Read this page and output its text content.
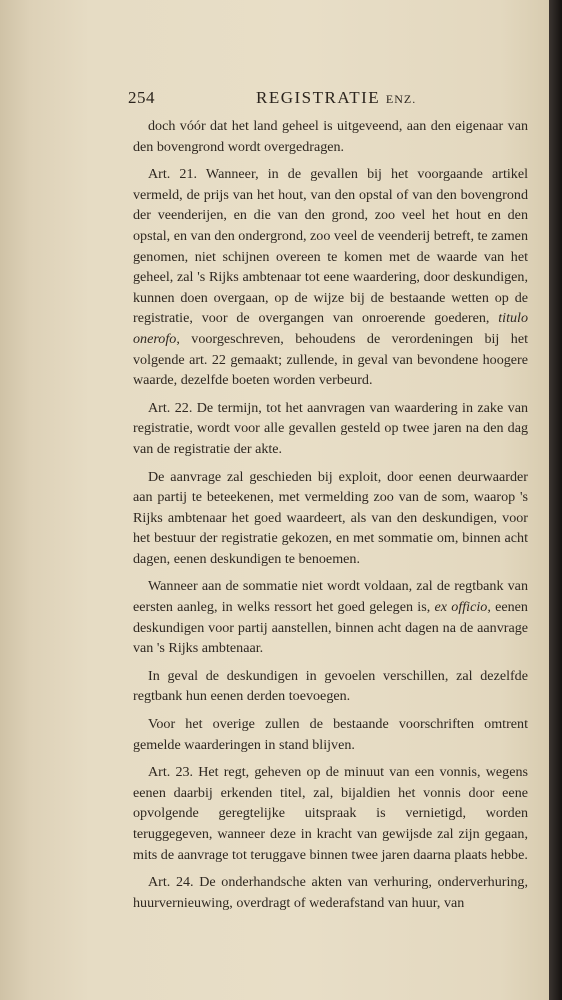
254	REGISTRATIE ENZ.

doch vóór dat het land geheel is uitgeveend, aan den eigenaar van den bovengrond wordt overgedragen.

Art. 21. Wanneer, in de gevallen bij het voorgaande artikel vermeld, de prijs van het hout, van den opstal of van den bovengrond der veenderijen, en die van den grond, zoo veel het hout en den opstal, en van den ondergrond, zoo veel de veenderij betreft, te zamen genomen, niet schijnen overeen te komen met de waarde van het geheel, zal 's Rijks ambtenaar tot eene waardering, door deskundigen, kunnen doen overgaan, op de wijze bij de bestaande wetten op de registratie, voor de overgangen van onroerende goederen, titulo onerofo, voorgeschreven, behoudens de verordeningen bij het volgende art. 22 gemaakt; zullende, in geval van bevondene hoogere waarde, dezelfde boeten worden verbeurd.

Art. 22. De termijn, tot het aanvragen van waardering in zake van registratie, wordt voor alle gevallen gesteld op twee jaren na den dag van de registratie der akte.

De aanvrage zal geschieden bij exploit, door eenen deurwaarder aan partij te beteekenen, met vermelding zoo van de som, waarop 's Rijks ambtenaar het goed waardeert, als van den deskundigen, voor het bestuur der registratie gekozen, en met sommatie om, binnen acht dagen, eenen deskundigen te benoemen.

Wanneer aan de sommatie niet wordt voldaan, zal de regtbank van eersten aanleg, in welks ressort het goed gelegen is, ex officio, eenen deskundigen voor partij aanstellen, binnen acht dagen na de aanvrage van 's Rijks ambtenaar.

In geval de deskundigen in gevoelen verschillen, zal dezelfde regtbank hun eenen derden toevoegen.

Voor het overige zullen de bestaande voorschriften omtrent gemelde waarderingen in stand blijven.

Art. 23. Het regt, geheven op de minuut van een vonnis, wegens eenen daarbij erkenden titel, zal, bijaldien het vonnis door eene opvolgende geregtelijke uitspraak is vernietigd, worden teruggegeven, wanneer deze in kracht van gewijsde zal zijn gegaan, mits de aanvrage tot teruggave binnen twee jaren daarna plaats hebbe.

Art. 24. De onderhandsche akten van verhuring, onderverhuring, huurvernieuwing, overdragt of wederafstand van huur, van
